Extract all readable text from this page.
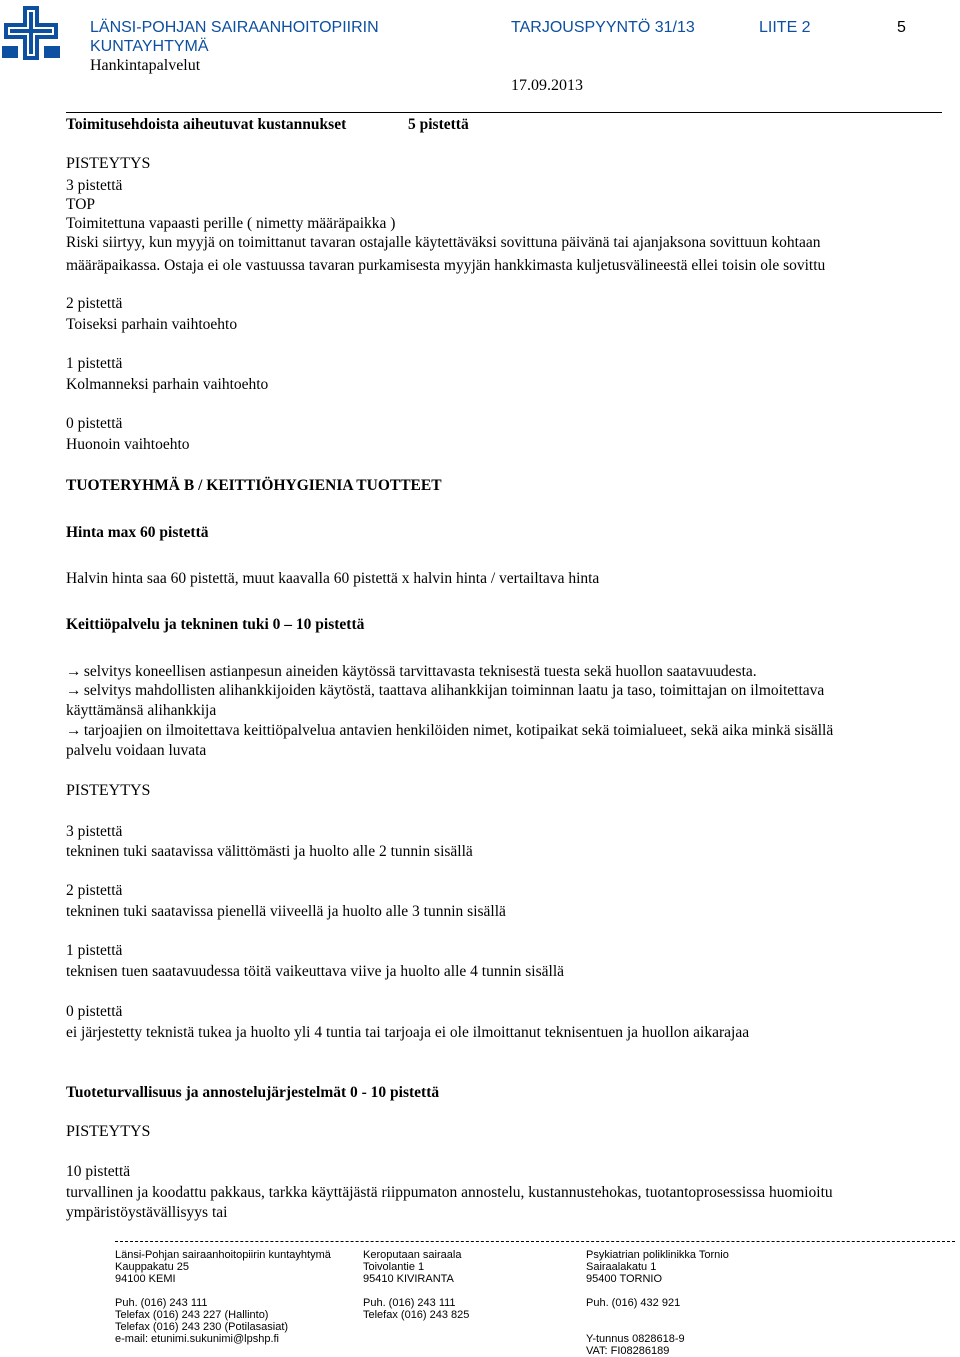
LÄNSI-POHJAN SAIRAANHOITOPIIRIN
KUNTAYHTYMÄ
Hankintapalvelut
TARJOUSPYYNTÖ 31/13	LIITE 2	5
17.09.2013
Toimitusehdoista aiheutuvat kustannukset	5 pistettä
PISTEYTYS
3 pistettä
TOP
Toimitettuna vapaasti perille ( nimetty määräpaikka )
Riski siirtyy, kun myyjä on toimittanut tavaran ostajalle käytettäväksi sovittuna päivänä tai ajanjaksona sovittuun kohtaan
määräpaikassa. Ostaja ei ole vastuussa tavaran purkamisesta myyjän hankkimasta kuljetusvälineestä ellei toisin ole sovittu
2 pistettä
Toiseksi parhain vaihtoehto
1 pistettä
Kolmanneksi parhain vaihtoehto
0 pistettä
Huonoin vaihtoehto
TUOTERYHMÄ B / KEITTIÖHYGIENIA TUOTTEET
Hinta max 60 pistettä
Halvin hinta saa 60 pistettä, muut kaavalla 60 pistettä x halvin hinta / vertailtava hinta
Keittiöpalvelu ja tekninen tuki 0 – 10 pistettä
→ selvitys koneellisen astianpesun aineiden käytössä tarvittavasta teknisestä tuesta sekä huollon saatavuudesta.
→ selvitys mahdollisten alihankkijoiden käytöstä, taattava alihankkijan toiminnan laatu ja taso, toimittajan on ilmoitettava
käyttämänsä alihankkija
→ tarjoajien on ilmoitettava keittiöpalvelua antavien henkilöiden nimet, kotipaikat sekä toimialueet, sekä aika minkä sisällä
palvelu voidaan luvata
PISTEYTYS
3 pistettä
tekninen tuki saatavissa välittömästi ja huolto alle 2 tunnin sisällä
2 pistettä
tekninen tuki saatavissa pienellä viiveellä ja huolto alle 3 tunnin sisällä
1 pistettä
teknisen tuen saatavuudessa töitä vaikeuttava viive ja huolto alle 4 tunnin sisällä
0 pistettä
ei järjestetty teknistä tukea ja huolto yli 4 tuntia tai tarjoaja ei ole ilmoittanut teknisentuen ja huollon aikarajaa
Tuoteturvallisuus ja annostelujärjestelmät 0 - 10 pistettä
PISTEYTYS
10 pistettä
turvallinen ja koodattu pakkaus, tarkka käyttäjästä riippumaton annostelu, kustannustehokas, tuotantoprosessissa huomioitu
ympäristöystävällisyys tai
Länsi-Pohjan sairaanhoitopiirin kuntayhtymä
Kauppakatu 25
94100 KEMI
Puh. (016) 243 111
Telefax (016) 243 227 (Hallinto)
Telefax (016) 243 230 (Potilasasiat)
e-mail: etunimi.sukunimi@lpshp.fi
Keroputaan sairaala
Toivolantie 1
95410 KIVIRANTA
Puh. (016) 243 111
Telefax (016) 243 825
Psykiatrian poliklinikka Tornio
Sairaalakatu 1
95400 TORNIO
Puh. (016) 432 921
Y-tunnus 0828618-9
VAT: FI08286189
